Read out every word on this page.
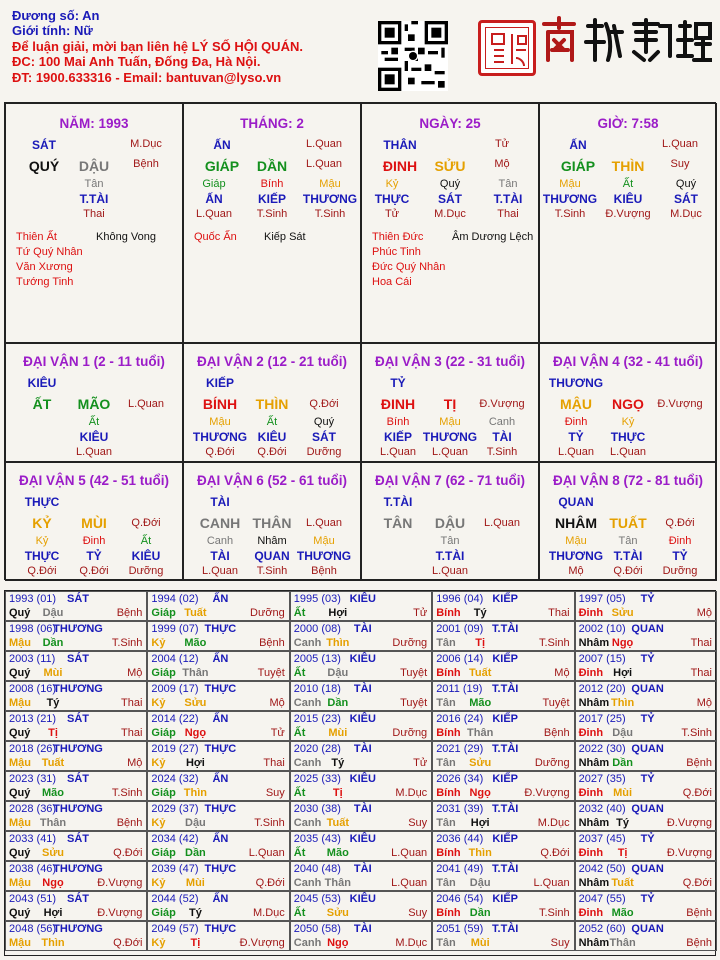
Đương số: An
Giới tính: Nữ
Để luận giải, mời bạn liên hệ LÝ SỐ HỘI QUÁN.
ĐC: 100 Mai Anh Tuấn, Đống Đa, Hà Nội.
ĐT: 1900.633316 - Email: bantuvan@lyso.vn
NĂM: 1993
SÁT	M.Dục
QUÝ DẬU Bệnh
Tân
T.TÀI
Thai
Thiên Ất
Tứ Quý Nhân
Văn Xương
Tướng Tinh
Không Vong
THÁNG: 2
ẤN	L.Quan
GIÁP DẦN L.Quan
Giáp
ẤN
L.Quan
Bính
KIẾP
T.Sinh
Mậu
THƯƠNG
T.Sinh
Quốc Ấn Kiếp Sát
NGÀY: 25
THÂN	Tử
ĐINH SỬU	Mộ
Kỷ
THỰC
Tử
Quý
SÁT
M.Dục
Tân
T.TÀI
Thai
Thiên Đức
Phúc Tinh
Đức Quý Nhân
Hoa Cái
Âm Dương Lệch
GIỜ: 7:58
ẤN	L.Quan
GIÁP THÌN Suy
Mậu
THƯƠNG
T.Sinh
Ất
KIÊU
Đ.Vượng
Quý
SÁT
M.Dục
ĐẠI VẬN 1 (2 - 11 tuổi)
KIÊU
ẤT MÃO L.Quan
Ất
KIÊU
L.Quan
ĐẠI VẬN 2 (12 - 21 tuổi)
KIẾP
BÍNH THÌN Q.Đới
Mậu
THƯƠNG
Q.Đới
Ất
KIÊU
Q.Đới
Quý
SÁT
Dưỡng
ĐẠI VẬN 3 (22 - 31 tuổi)
TỶ
ĐINH TỊ Đ.Vượng
Bính
KIẾP
L.Quan
Mậu
THƯƠNG
L.Quan
Canh
TÀI
T.Sinh
ĐẠI VẬN 4 (32 - 41 tuổi)
THƯƠNG
MẬU NGỌ Đ.Vượng
Đinh
TỶ
L.Quan
Kỷ
THỰC
L.Quan
ĐẠI VẬN 5 (42 - 51 tuổi)
THỰC
KỶ MÙI Q.Đới
Kỷ
THỰC
Q.Đới
Đinh
TỶ
Q.Đới
Ất
KIÊU
Dưỡng
ĐẠI VẬN 6 (52 - 61 tuổi)
TÀI
CANH THÂN L.Quan
Canh
TÀI
L.Quan
Nhâm
QUAN
T.Sinh
Mậu
THƯƠNG
Bệnh
ĐẠI VẬN 7 (62 - 71 tuổi)
T.TÀI
TÂN DẬU L.Quan
Tân
T.TÀI
L.Quan
ĐẠI VẬN 8 (72 - 81 tuổi)
QUAN
NHÂM TUẤT Q.Đới
Mậu
THƯƠNG
Mộ
Tân
T.TÀI
Q.Đới
Đinh
TỶ
Dưỡng
1993 (01) SÁT
Quý Dậu	Bệnh
1994 (02) ẤN
Giáp Tuất	Dưỡng
1995 (03) KIÊU
Ất Hợi	Tử
1996 (04) KIẾP
Bính Tý	Thai
1997 (05) TỶ
Đinh Sửu	Mộ
1998 (06)
THƯƠNG
Mậu Dần	T.Sinh
1999 (07) THỰC
Kỷ Mão	Bệnh
2000 (08) TÀI
Canh Thìn	Dưỡng
2001 (09) T.TÀI
Tân Tị	T.Sinh
2002 (10) QUAN
Nhâm Ngọ	Thai
2003 (11) SÁT
Quý Mùi	Mộ
2004 (12) ẤN
Giáp Thân	Tuyệt
2005 (13) KIÊU
Ất Dậu	Tuyệt
2006 (14) KIẾP
Bính Tuất	Mộ
2007 (15) TỶ
Đinh Hợi	Thai
2008 (16)
THƯƠNG
Mậu Tý	Thai
2009 (17) THỰC
Kỷ Sửu	Mộ
2010 (18) TÀI
Canh Dần	Tuyệt
2011 (19) T.TÀI
Tân Mão	Tuyệt
2012 (20) QUAN
Nhâm Thìn	Mộ
2013 (21) SÁT
Quý Tị	Thai
2014 (22) ẤN
Giáp Ngọ	Tử
2015 (23) KIÊU
Ất Mùi	Dưỡng
2016 (24) KIẾP
Bính Thân	Bệnh
2017 (25) TỶ
Đinh Dậu	T.Sinh
2018 (26)
THƯƠNG
Mậu Tuất	Mộ
2019 (27) THỰC
Kỷ Hợi	Thai
2020 (28) TÀI
Canh Tý	Tử
2021 (29) T.TÀI
Tân Sửu	Dưỡng
2022 (30) QUAN
Nhâm Dần	Bệnh
2023 (31) SÁT
Quý Mão	T.Sinh
2024 (32) ẤN
Giáp Thìn	Suy
2025 (33) KIÊU
Ất	Tị	M.Dục
2026 (34) KIẾP
Bính Ngọ	Đ.Vượng
2027 (35) TỶ
Đinh Mùi	Q.Đới
2028 (36)
THƯƠNG
Mậu Thân	Bệnh
2029 (37) THỰC
Kỷ Dậu	T.Sinh
2030 (38) TÀI
Canh Tuất	Suy
2031 (39) T.TÀI
Tân Hợi	M.Dục
2032 (40) QUAN
Nhâm Tý	Đ.Vượng
2033 (41) SÁT
Quý Sửu	Q.Đới
2034 (42) ẤN
Giáp Dần	L.Quan
2035 (43) KIÊU
Ất Mão	L.Quan
2036 (44) KIẾP
Bính Thìn	Q.Đới
2037 (45) TỶ
Đinh Tị	Đ.Vượng
2038 (46)
THƯƠNG
Mậu Ngọ	Đ.Vượng
2039 (47) THỰC
Kỷ Mùi	Q.Đới
2040 (48) TÀI
Canh Thân	L.Quan
2041 (49) T.TÀI
Tân Dậu	L.Quan
2042 (50) QUAN
Nhâm Tuất	Q.Đới
2043 (51) SÁT
Quý Hợi	Đ.Vượng
2044 (52) ẤN
Giáp Tý	M.Dục
2045 (53) KIÊU
Ất Sửu	Suy
2046 (54) KIẾP
Bính Dần	T.Sinh
2047 (55) TỶ
Đinh Mão	Bệnh
2048 (56)
THƯƠNG
Mậu Thìn	Q.Đới
2049 (57) THỰC
Kỷ Tị	Đ.Vượng
2050 (58) TÀI
Canh Ngọ	M.Dục
2051 (59) T.TÀI
Tân Mùi	Suy
2052 (60) QUAN
Nhâm Thân	Bệnh
